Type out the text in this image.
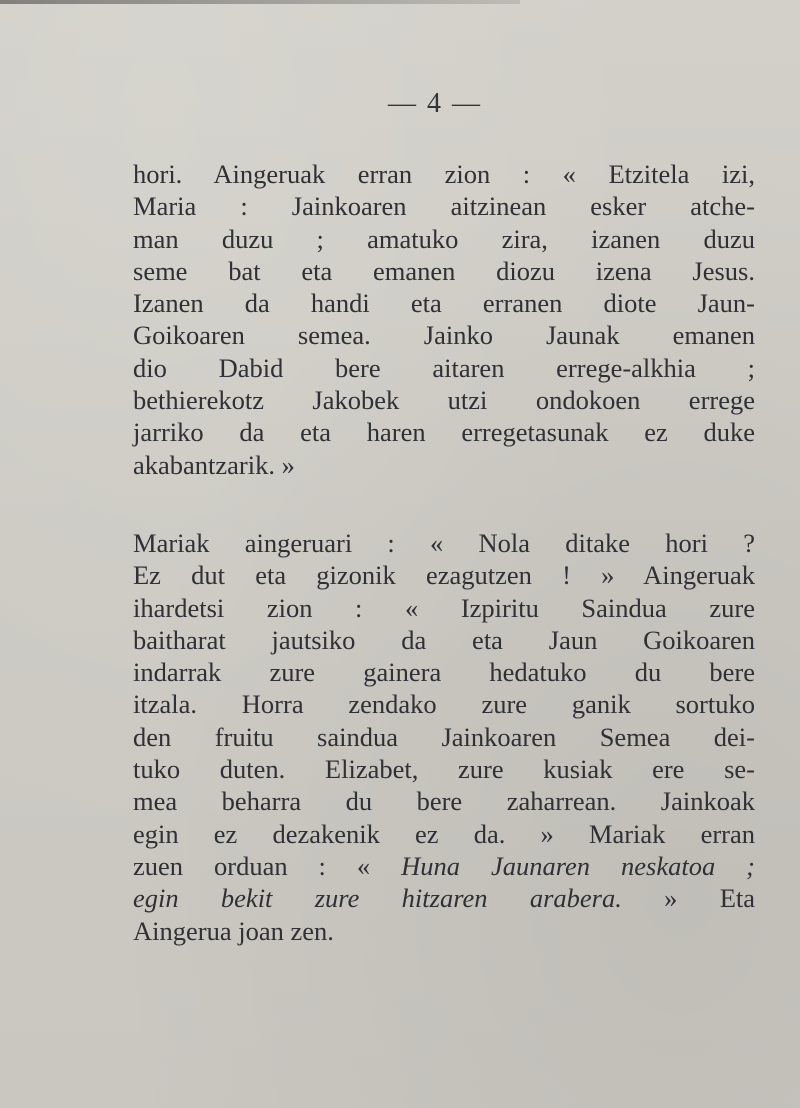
— 4 —
hori. Aingeruak erran zion : « Etzitela izi,
Maria : Jainkoaren aitzinean esker atche-
man duzu ; amatuko zira, izanen duzu
seme bat eta emanen diozu izena Jesus.
Izanen da handi eta erranen diote Jaun-
Goikoaren semea. Jainko Jaunak emanen
dio Dabid bere aitaren errege-alkhia ;
bethierekotz Jakobek utzi ondokoen errege
jarriko da eta haren erregetasunak ez duke
akabantzarik. »
Mariak aingeruari : « Nola ditake hori ?
Ez dut eta gizonik ezagutzen ! » Aingeruak
ihardetsi zion : « Izpiritu Saindua zure
baitharat jautsiko da eta Jaun Goikoaren
indarrak zure gainera hedatuko du bere
itzala. Horra zendako zure ganik sortuko
den fruitu saindua Jainkoaren Semea dei-
tuko duten. Elizabet, zure kusiak ere se-
mea beharra du bere zaharrean. Jainkoak
egin ez dezakenik ez da. » Mariak erran
zuen orduan : « Huna Jaunaren neskatoa ;
egin bekit zure hitzaren arabera. » Eta
Aingerua joan zen.
